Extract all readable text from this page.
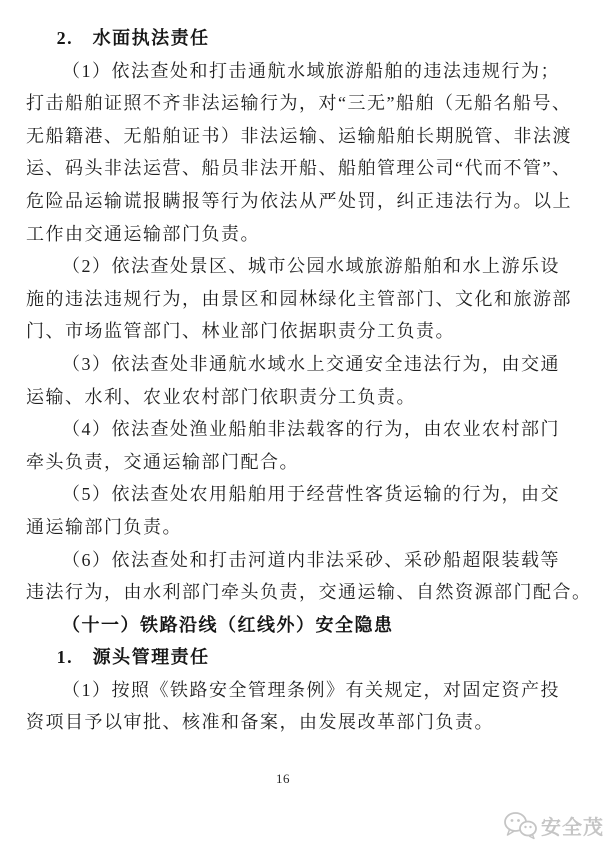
2.　水面执法责任
（1）依法查处和打击通航水域旅游船舶的违法违规行为；
打击船舶证照不齐非法运输行为，对“三无”船舶（无船名船号、
无船籍港、无船舶证书）非法运输、运输船舶长期脱管、非法渡
运、码头非法运营、船员非法开船、船舶管理公司“代而不管”、
危险品运输谎报瞒报等行为依法从严处罚，纠正违法行为。以上
工作由交通运输部门负责。
（2）依法查处景区、城市公园水域旅游船舶和水上游乐设
施的违法违规行为，由景区和园林绿化主管部门、文化和旅游部
门、市场监管部门、林业部门依据职责分工负责。
（3）依法查处非通航水域水上交通安全违法行为，由交通
运输、水利、农业农村部门依职责分工负责。
（4）依法查处渔业船舶非法载客的行为，由农业农村部门
牵头负责，交通运输部门配合。
（5）依法查处农用船舶用于经营性客货运输的行为，由交
通运输部门负责。
（6）依法查处和打击河道内非法采砂、采砂船超限装载等
违法行为，由水利部门牵头负责，交通运输、自然资源部门配合。
（十一）铁路沿线（红线外）安全隐患
1.　源头管理责任
（1）按照《铁路安全管理条例》有关规定，对固定资产投
资项目予以审批、核准和备案，由发展改革部门负责。
16
安全茂
